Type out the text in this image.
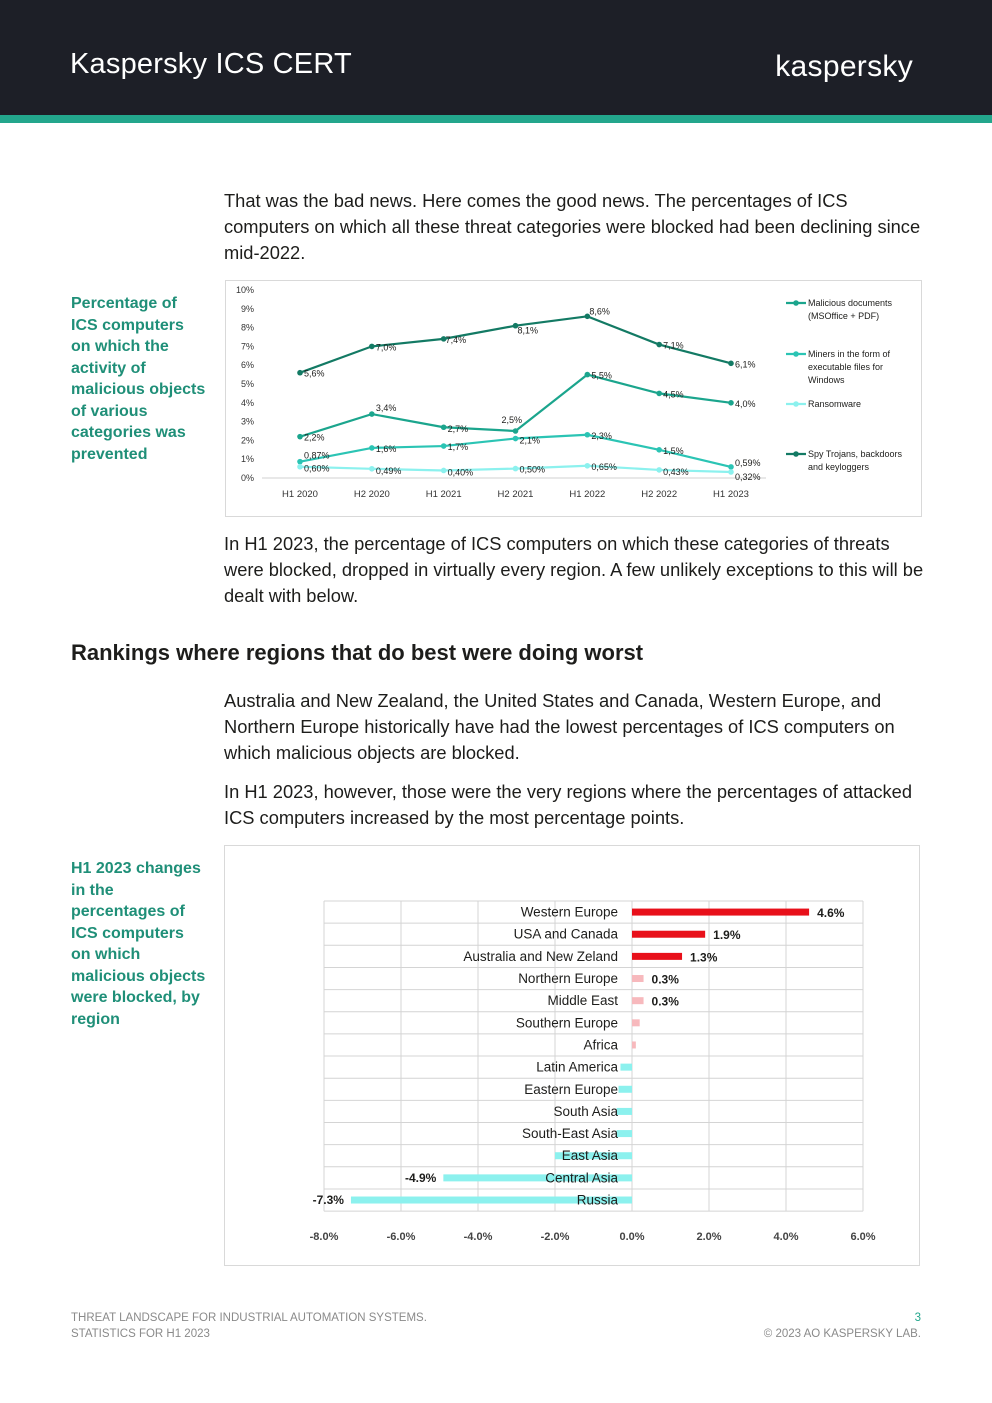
Kaspersky ICS CERT	kaspersky

That was the bad news. Here comes the good news. The percentages of ICS computers on which all these threat categories were blocked had been declining since mid-2022.

Percentage of ICS computers on which the activity of malicious objects of various categories was prevented

0%
1%
2%
3%
4%
5%
6%
7%
8%
9%
10%
H1 2020	H2 2020	H1 2021	H2 2021	H1 2022	H2 2022	H1 2023
5,6%
7,0%
7,4%
8,1%
8,6%
7,1%
6,1%
2,2%
3,4%
2,7%
2,5%
5,5%
4,5%
4,0%
0,87%
1,6%	1,7%
2,1%	2,3%
1,5%
0,59%
0,60%	0,49%	0,40%	0,50%	0,65%
0,43%
0,32%
Malicious documents
(MSOffice + PDF)
Miners in the form of
executable files for
Windows
Ransomware
Spy Trojans, backdoors
and keyloggers

In H1 2023, the percentage of ICS computers on which these categories of threats were blocked, dropped in virtually every region. A few unlikely exceptions to this will be dealt with below.

Rankings where regions that do best were doing worst

Australia and New Zealand, the United States and Canada, Western Europe, and Northern Europe historically have had the lowest percentages of ICS computers on which malicious objects are blocked.

In H1 2023, however, those were the very regions where the percentages of attacked ICS computers increased by the most percentage points.

H1 2023 changes in the percentages of ICS computers on which malicious objects were blocked, by region

-8.0%	-6.0%	-4.0%	-2.0%	0.0%	2.0%	4.0%	6.0%
Western Europe	4.6%
USA and Canada	1.9%
Australia and New Zeland	1.3%
Northern Europe	0.3%
Middle East	0.3%
Southern Europe
Africa
Latin America
Eastern Europe
South Asia
South-East Asia
East Asia
Central Asia
-4.9%
Russia
-7.3%
THREAT LANDSCAPE FOR INDUSTRIAL AUTOMATION SYSTEMS.
STATISTICS FOR H1 2023
3
© 2023 AO KASPERSKY LAB.
